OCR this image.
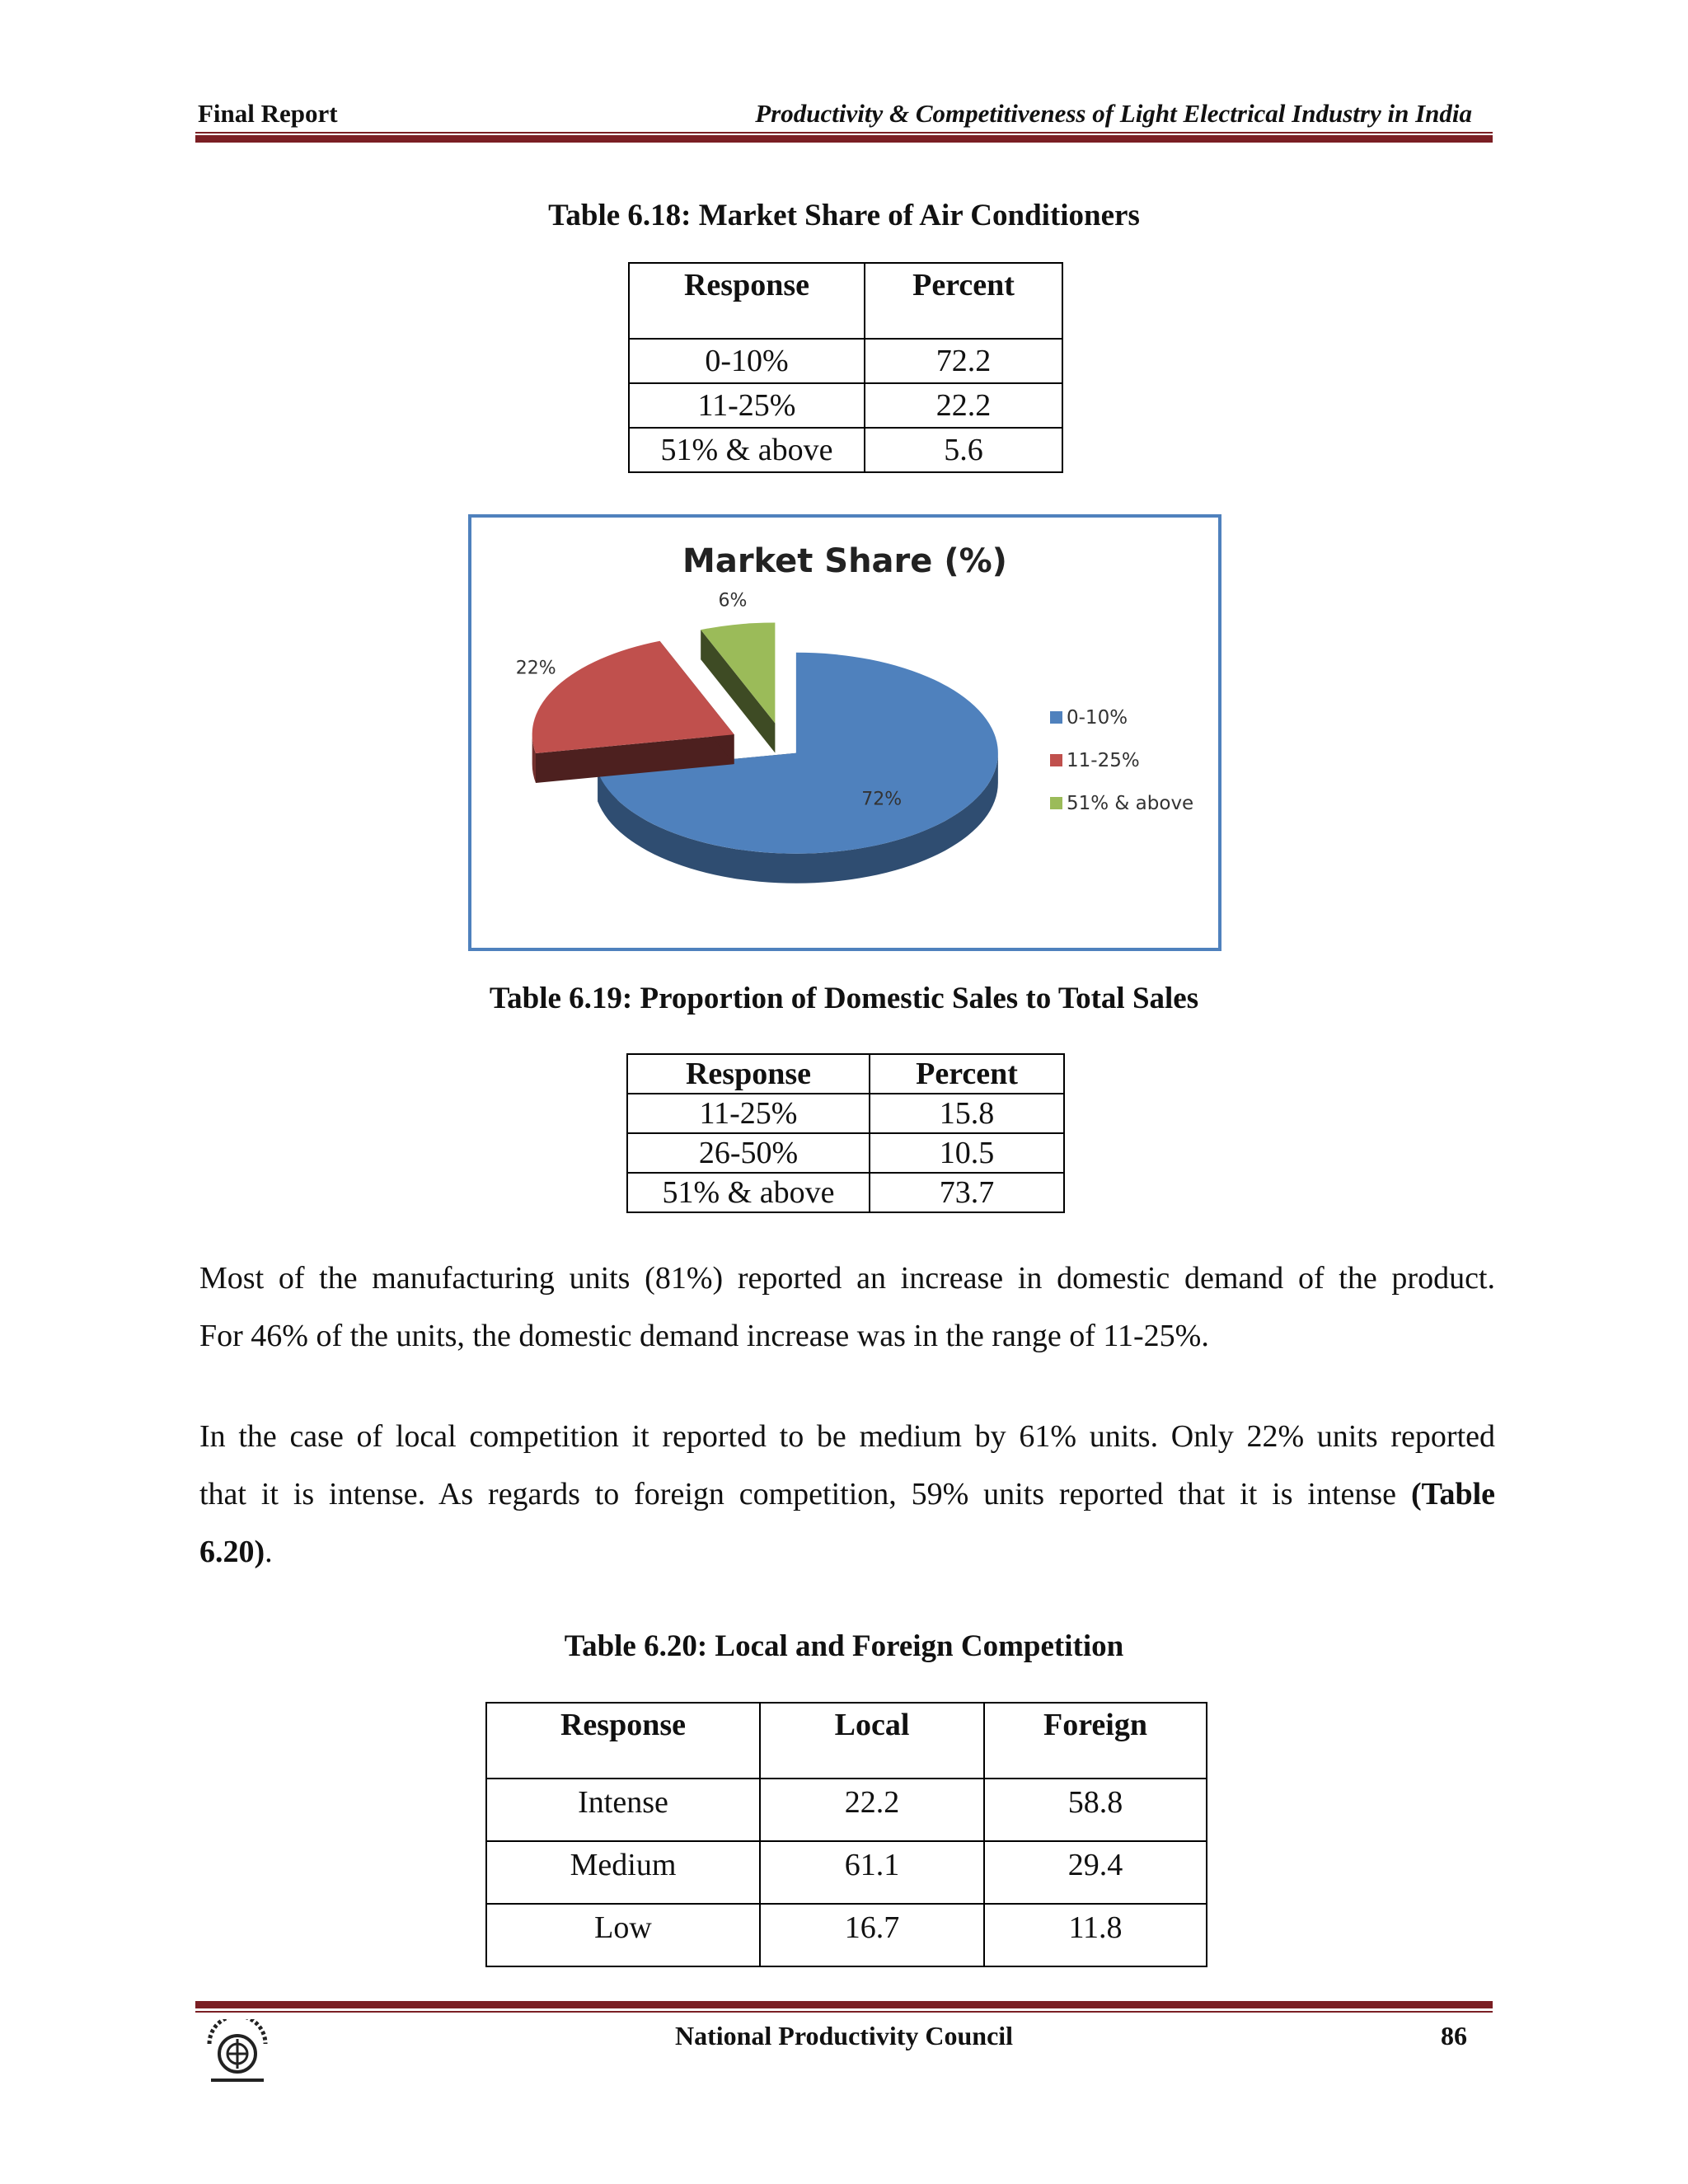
Final Report	Productivity & Competitiveness of Light Electrical Industry in India
Table 6.18: Market Share of Air Conditioners
Response	Percent
0-10%	72.2
11-25%	22.2
51% & above	5.6
Market Share (%)
72%
22%
6%
0-10%
11-25%
51% & above
Table 6.19: Proportion of Domestic Sales to Total Sales
Response	Percent
11-25%	15.8
26-50%	10.5
51% & above	73.7
Most of the manufacturing units (81%) reported an increase in domestic demand of the product.
For 46% of the units, the domestic demand increase was in the range of 11-25%.
In the case of local competition it reported to be medium by 61% units. Only 22% units reported
that it is intense. As regards to foreign competition, 59% units reported that it is intense (Table
6.20).
Table 6.20: Local and Foreign Competition
Response	Local	Foreign
Intense	22.2	58.8
Medium	61.1	29.4
Low	16.7	11.8
National Productivity Council	86
